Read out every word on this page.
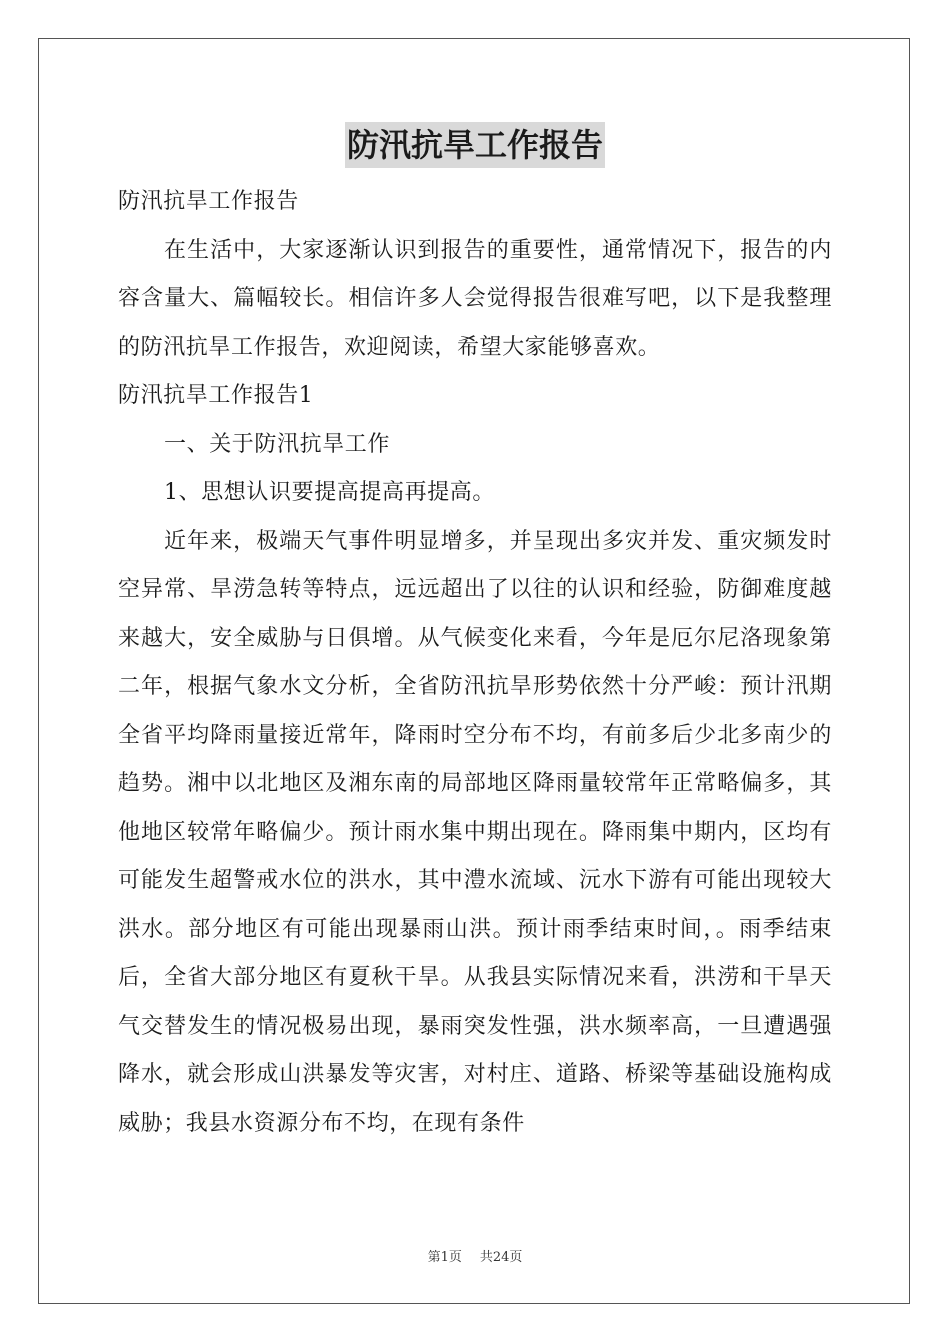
防汛抗旱工作报告

防汛抗旱工作报告

在生活中，大家逐渐认识到报告的重要性，通常情况下，报告的内容含量大、篇幅较长。相信许多人会觉得报告很难写吧，以下是我整理的防汛抗旱工作报告，欢迎阅读，希望大家能够喜欢。

防汛抗旱工作报告1

一、关于防汛抗旱工作

1、思想认识要提高提高再提高。

近年来，极端天气事件明显增多，并呈现出多灾并发、重灾频发时空异常、旱涝急转等特点，远远超出了以往的认识和经验，防御难度越来越大，安全威胁与日俱增。从气候变化来看，今年是厄尔尼洛现象第二年，根据气象水文分析，全省防汛抗旱形势依然十分严峻：预计汛期全省平均降雨量接近常年，降雨时空分布不均，有前多后少北多南少的趋势。湘中以北地区及湘东南的局部地区降雨量较常年正常略偏多，其他地区较常年略偏少。预计雨水集中期出现在。降雨集中期内，区均有可能发生超警戒水位的洪水，其中澧水流域、沅水下游有可能出现较大洪水。部分地区有可能出现暴雨山洪。预计雨季结束时间，。雨季结束后，全省大部分地区有夏秋干旱。从我县实际情况来看，洪涝和干旱天气交替发生的情况极易出现，暴雨突发性强，洪水频率高，一旦遭遇强降水，就会形成山洪暴发等灾害，对村庄、道路、桥梁等基础设施构成威胁；我县水资源分布不均，在现有条件

第1页 共24页
